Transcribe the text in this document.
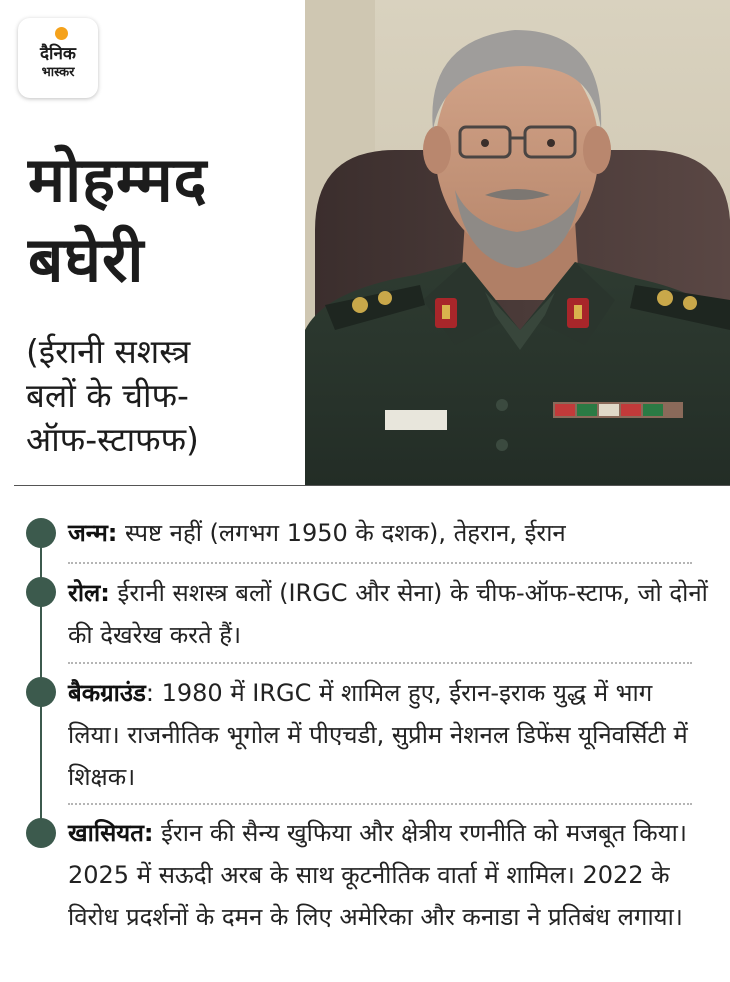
दैनिक
भास्कर
मोहम्मद
बघेरी
(ईरानी सशस्त्र
बलों के चीफ-
ऑफ-स्टाफफ)
जन्म: स्पष्ट नहीं (लगभग 1950 के दशक), तेहरान, ईरान
रोल: ईरानी सशस्त्र बलों (IRGC और सेना) के चीफ-ऑफ-स्टाफ, जो दोनों की देखरेख करते हैं।
बैकग्राउंड: 1980 में IRGC में शामिल हुए, ईरान-इराक युद्ध में भाग लिया। राजनीतिक भूगोल में पीएचडी, सुप्रीम नेशनल डिफेंस यूनिवर्सिटी में शिक्षक।
खासियत: ईरान की सैन्य खुफिया और क्षेत्रीय रणनीति को मजबूत किया। 2025 में सऊदी अरब के साथ कूटनीतिक वार्ता में शामिल। 2022 के विरोध प्रदर्शनों के दमन के लिए अमेरिका और कनाडा ने प्रतिबंध लगाया।
